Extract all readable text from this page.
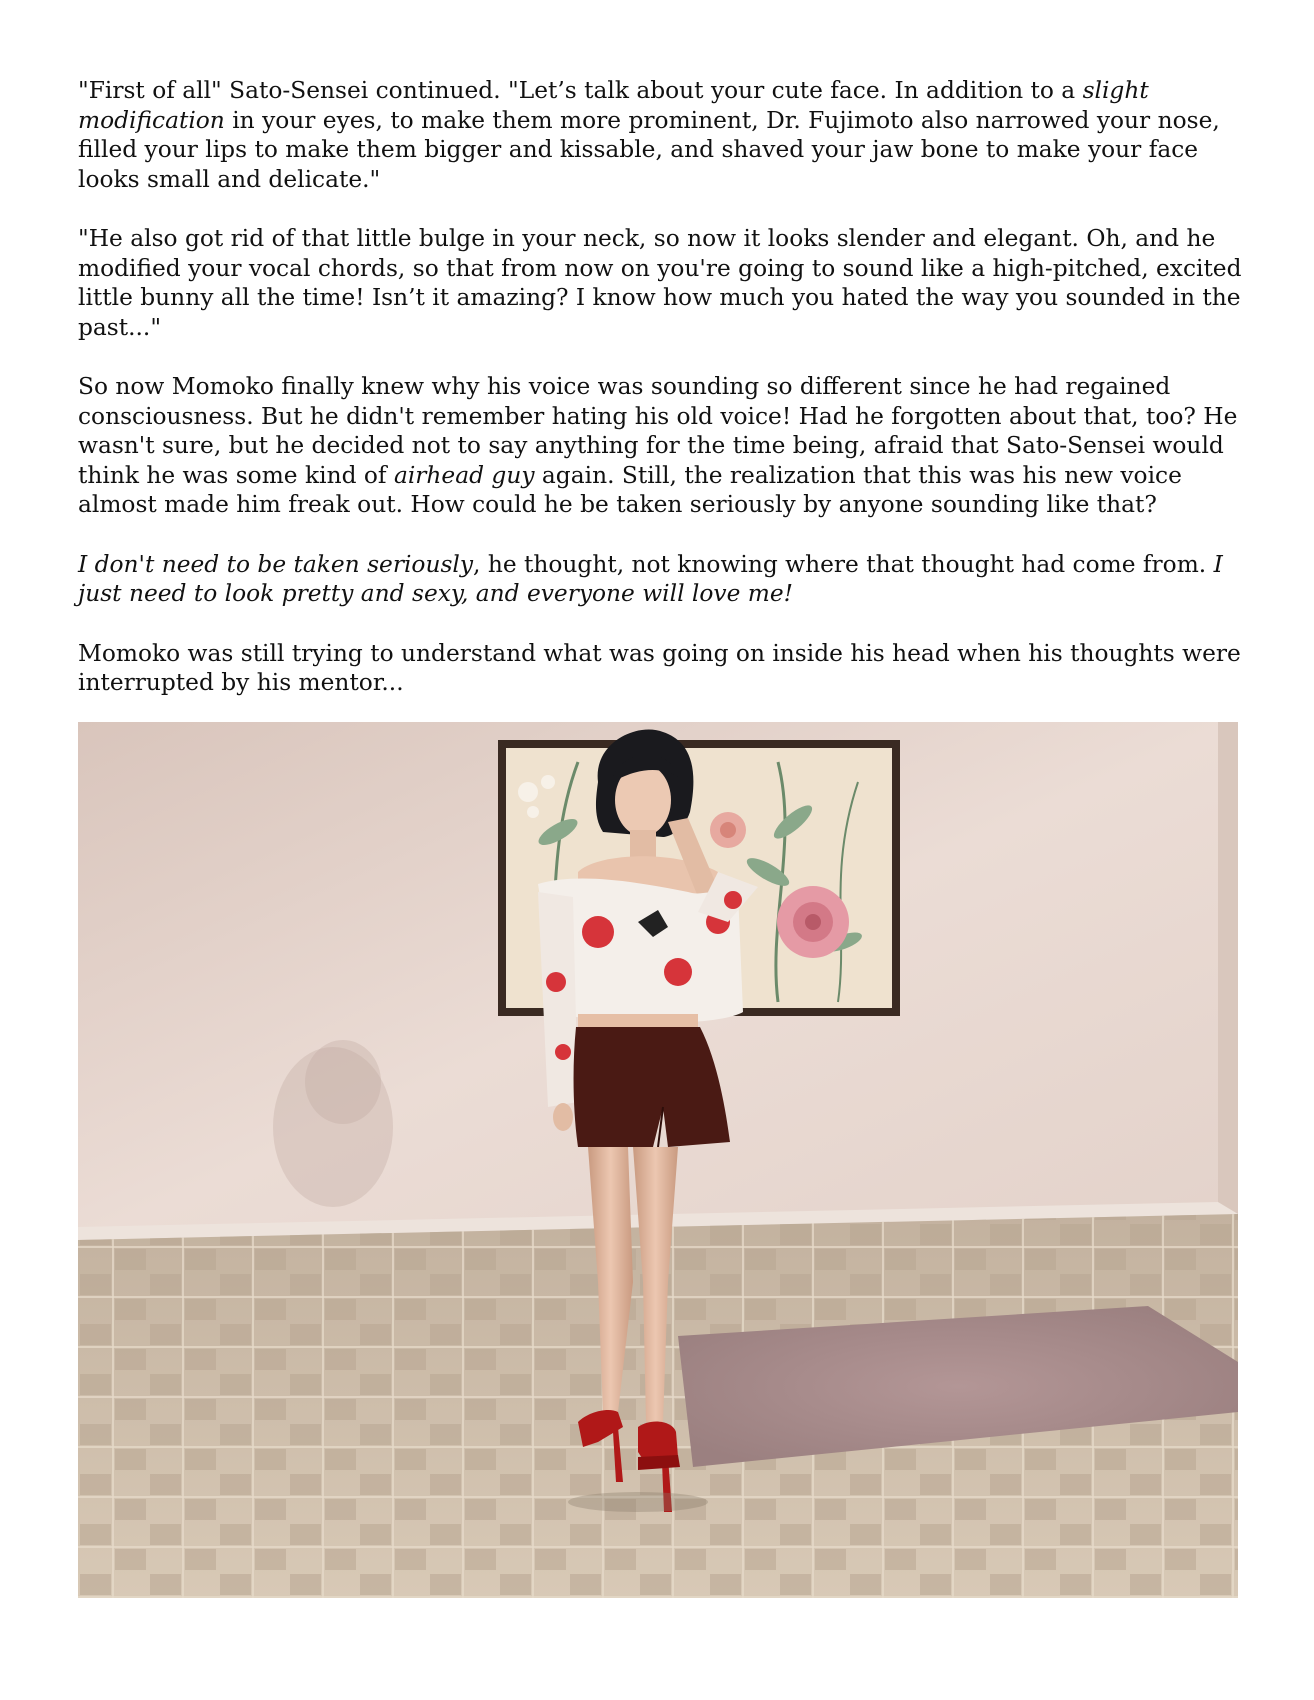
"First of all" Sato-Sensei continued. "Let’s talk about your cute face. In addition to a slight modification in your eyes, to make them more prominent, Dr. Fujimoto also narrowed your nose, filled your lips to make them bigger and kissable, and shaved your jaw bone to make your face looks small and delicate."

"He also got rid of that little bulge in your neck, so now it looks slender and elegant. Oh, and he modified your vocal chords, so that from now on you're going to sound like a high-pitched, excited little bunny all the time! Isn’t it amazing? I know how much you hated the way you sounded in the past..."

So now Momoko finally knew why his voice was sounding so different since he had regained consciousness. But he didn't remember hating his old voice! Had he forgotten about that, too? He wasn't sure, but he decided not to say anything for the time being, afraid that Sato-Sensei would think he was some kind of airhead guy again. Still, the realization that this was his new voice almost made him freak out. How could he be taken seriously by anyone sounding like that?

I don't need to be taken seriously, he thought, not knowing where that thought had come from. I just need to look pretty and sexy, and everyone will love me!

Momoko was still trying to understand what was going on inside his head when his thoughts were interrupted by his mentor...
